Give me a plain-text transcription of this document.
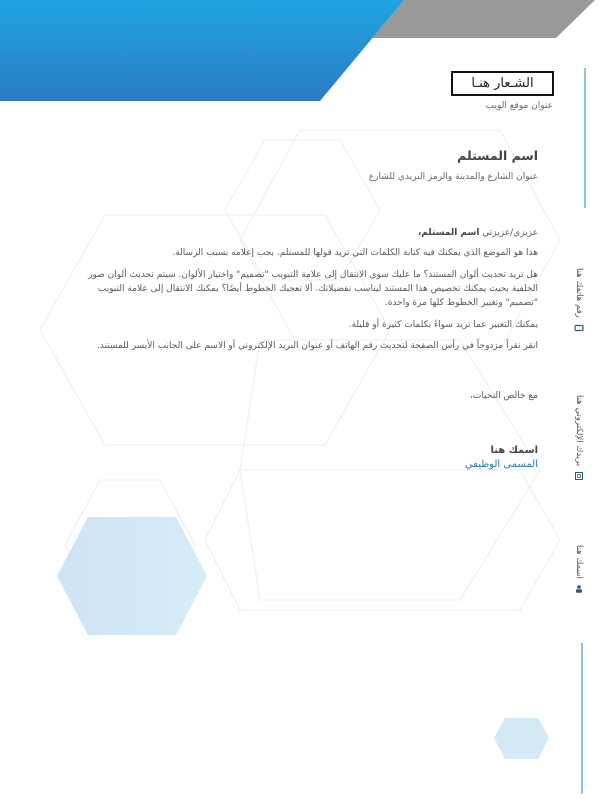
الشـعار هنـا
عنوان موقع الويب
اسم المستلم
عنوان الشارع والمدينة والرمز البريدي للشارع
عزيزي/عزيزتي اسم المستلم،
هذا هو الموضع الذي يمكنك فيه كتابة الكلمات التي تريد قولها للمستلم. يجب إعلامه بسبب الرسالة.
هل تريد تحديث ألوان المستند؟ ما عليك سوى الانتقال إلى علامة التبويب "تصميم" واختيار الألوان. سيتم تحديث ألوان صور الخلفية بحيث يمكنك تخصيص هذا المستند ليناسب تفضيلاتك. ألا تعجبك الخطوط أيضًا؟ يمكنك الانتقال إلى علامة التبويب "تصميم" وتغيير الخطوط كلها مرة واحدة.
يمكنك التعبير عما تريد سواءً بكلمات كثيرة أو قليلة.
انقر نقراً مزدوجاً في رأس الصفحة لتحديث رقم الهاتف أو عنوان البريد الإلكتروني أو الاسم على الجانب الأيسر للمستند.
مع خالص التحيات،
اسمك هنا
المسمى الوظيفي
رقم هاتفك هنا
بريدك الإلكتروني هنا
اسمك هنا
